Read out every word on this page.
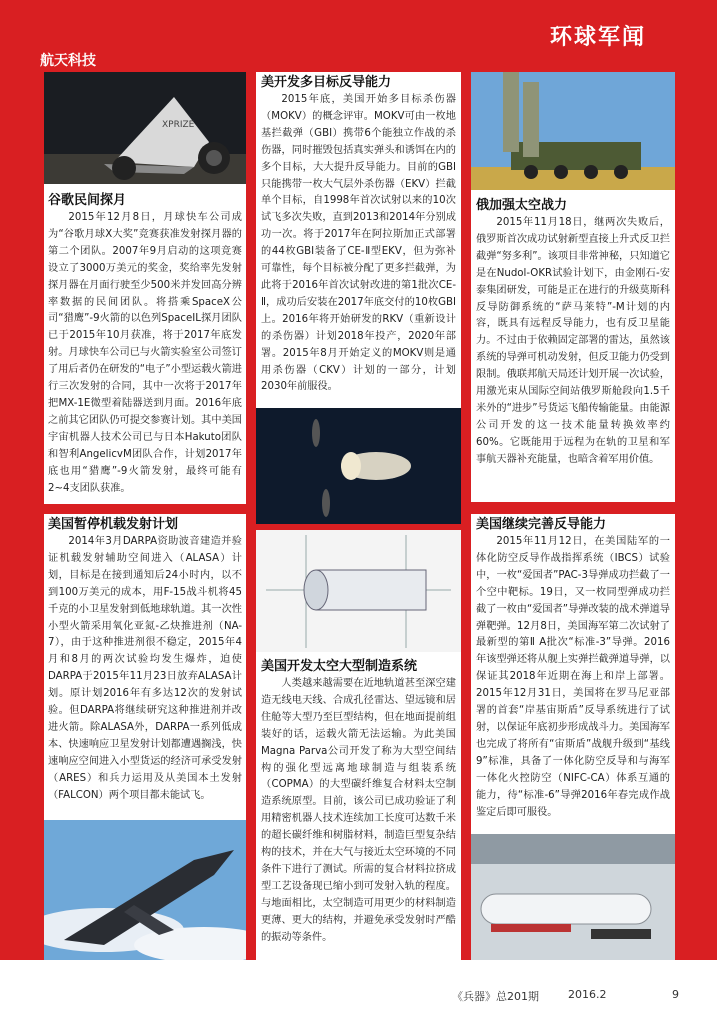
航天科技
环球军闻
XPRIZE
谷歌民间探月

2015年12月8日，月球快车公司成为“谷歌月球X大奖”竞赛获准发射探月器的第二个团队。2007年9月启动的这项竞赛设立了3000万美元的奖金，奖给率先发射探月器在月面行驶至少500米并发回高分辨率数据的民间团队。将搭乘SpaceX公司“猎鹰”-9火箭的以色列SpaceIL探月团队已于2015年10月获准，将于2017年底发射。月球快车公司已与火箭实验室公司签订了用后者仍在研发的“电子”小型运载火箭进行三次发射的合同，其中一次将于2017年把MX-1E微型着陆器送到月面。2016年底之前其它团队仍可提交参赛计划。其中美国宇宙机器人技术公司已与日本Hakuto团队和智利AngelicvM团队合作，计划2017年底也用“猎鹰”-9火箭发射，最终可能有2~4支团队获准。

美国暂停机载发射计划

2014年3月DARPA资助波音建造并验证机载发射辅助空间进入（ALASA）计划，目标是在接到通知后24小时内，以不到100万美元的成本，用F-15战斗机将45千克的小卫星发射到低地球轨道。其一次性小型火箭采用氧化亚氮-乙炔推进剂（NA-7），由于这种推进剂很不稳定，2015年4月和8月的两次试验均发生爆炸，迫使DARPA于2015年11月23日放弃ALASA计划。原计划2016年有多达12次的发射试验。但DARPA将继续研究这种推进剂并改进火箭。除ALASA外，DARPA一系列低成本、快速响应卫星发射计划都遭遇搁浅，快速响应空间进入小型货运的经济可承受发射（ARES）和兵力运用及从美国本土发射（FALCON）两个项目都未能试飞。

美开发多目标反导能力

2015年底，美国开始多目标杀伤器（MOKV）的概念评审。MOKV可由一枚地基拦截弹（GBI）携带6个能独立作战的杀伤器，同时摧毁包括真实弹头和诱饵在内的多个目标，大大提升反导能力。目前的GBI只能携带一枚大气层外杀伤器（EKV）拦截单个目标，自1998年首次试射以来的10次试飞多次失败，直到2013和2014年分别成功一次。将于2017年在阿拉斯加正式部署的44枚GBI装备了CE-Ⅱ型EKV，但为弥补可靠性，每个目标被分配了更多拦截弹，为此将于2016年首次试射改进的第1批次CE-Ⅱ，成功后安装在2017年底交付的10枚GBI上。2016年将开始研发的RKV（重新设计的杀伤器）计划2018年投产，2020年部署。2015年8月开始定义的MOKV则是通用杀伤器（CKV）计划的一部分，计划2030年前服役。

美国开发太空大型制造系统

人类越来越需要在近地轨道甚至深空建造无线电天线、合成孔径雷达、望远镜和居住舱等大型乃至巨型结构，但在地面提前组装好的话，运载火箭无法运输。为此美国Magna Parva公司开发了称为大型空间结构的强化型远离地球制造与组装系统（COPMA）的大型碳纤维复合材料太空制造系统原型。目前，该公司已成功验证了利用精密机器人技术连续加工长度可达数千米的超长碳纤维和树脂材料，制造巨型复杂结构的技术，并在大气与接近太空环境的不同条件下进行了测试。所需的复合材料拉挤成型工艺设备现已缩小到可发射入轨的程度。与地面相比，太空制造可用更少的材料制造更薄、更大的结构，并避免承受发射时严酷的振动等条件。

俄加强太空战力

2015年11月18日，继两次失败后，俄罗斯首次成功试射新型直接上升式反卫拦截弹“努多利”。该项目非常神秘，只知道它是在Nudol-OKR试验计划下，由金刚石-安泰集团研发，可能是正在进行的升级莫斯科反导防御系统的“萨马莱特”-M计划的内容，既具有远程反导能力，也有反卫星能力。不过由于依赖固定部署的雷达，虽然该系统的导弹可机动发射，但反卫能力仍受到限制。俄联邦航天局还计划开展一次试验，用激光束从国际空间站俄罗斯舱段向1.5千米外的“进步”号货运飞船传输能量。由能源公司开发的这一技术能量转换效率约60%。它既能用于远程为在轨的卫星和军事航天器补充能量，也暗含着军用价值。

美国继续完善反导能力

2015年11月12日，在美国陆军的一体化防空反导作战指挥系统（IBCS）试验中，一枚“爱国者”PAC-3导弹成功拦截了一个空中靶标。19日，又一枚同型弹成功拦截了一枚由“爱国者”导弹改装的战术弹道导弹靶弹。12月8日，美国海军第二次试射了最新型的第Ⅱ A批次“标准-3”导弹。2016年该型弹还将从舰上实弹拦截弹道导弹，以保证其2018年近期在海上和岸上部署。2015年12月31日，美国将在罗马尼亚部署的首套“岸基宙斯盾”反导系统进行了试射，以保证年底初步形成战斗力。美国海军也完成了将所有“宙斯盾”战舰升级到“基线9”标准，具备了一体化防空反导和与海军一体化火控防空（NIFC-CA）体系互通的能力，待“标准-6”导弹2016年春完成作战鉴定后即可服役。

《兵器》总201期	2016.2	9
